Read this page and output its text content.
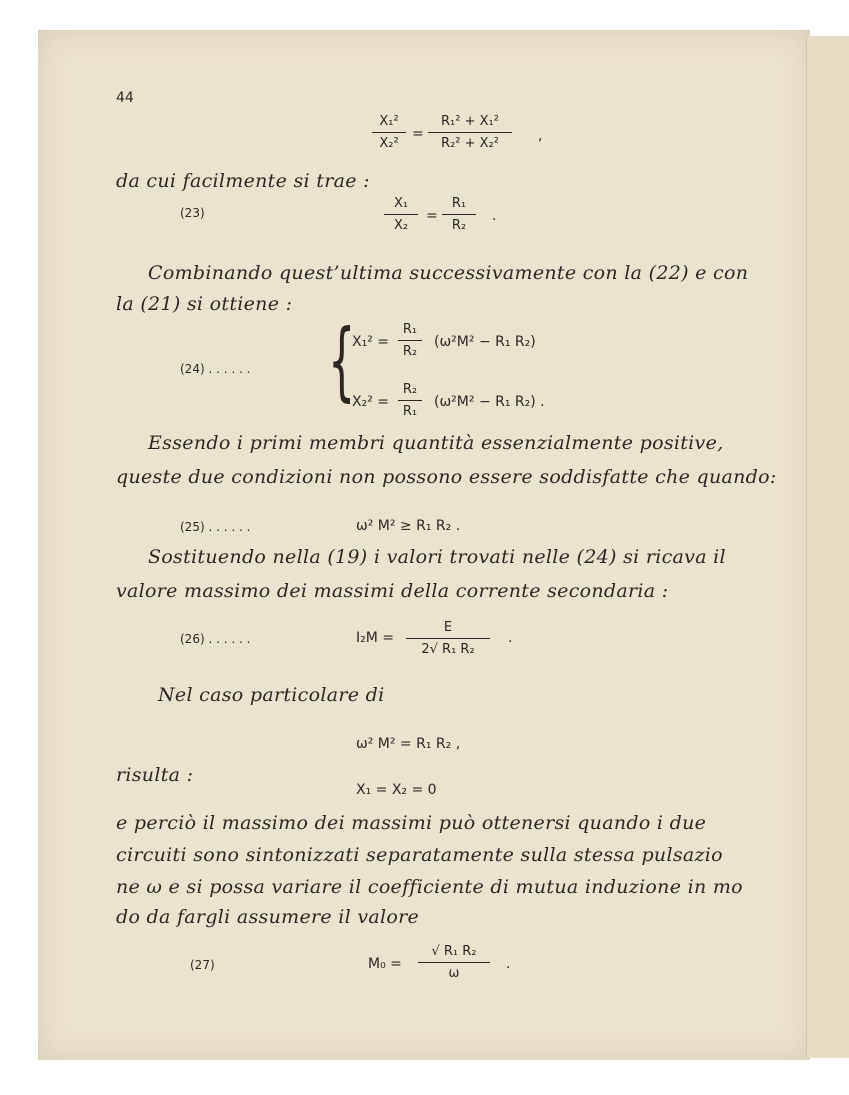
44
X₁²
X₂²
=
R₁² + X₁²
R₂² + X₂²	,
da cui facilmente si trae :
(23)
X₁
X₂
=
R₁
R₂
.
Combinando quest’ultima successivamente con la (22) e con
la (21) si ottiene :
(24) . . . . . . {
X₁² =
R₁
R₂
(ω²M² − R₁ R₂)
X₂² =
R₂
R₁
(ω²M² − R₁ R₂) .
Essendo i primi membri quantità essenzialmente positive,
queste due condizioni non possono essere soddisfatte che quando:
(25) . . . . . .	ω² M² ≥ R₁ R₂ .
Sostituendo nella (19) i valori trovati nelle (24) si ricava il
valore massimo dei massimi della corrente secondaria :
(26) . . . . . .	I₂M =
E
2√ R₁ R₂
.
Nel caso particolare di
ω² M² = R₁ R₂ ,
risulta :
X₁ = X₂ = 0
e perciò il massimo dei massimi può ottenersi quando i due
circuiti sono sintonizzati separatamente sulla stessa pulsazio
ne ω e si possa variare il coefficiente di mutua induzione in mo
do da fargli assumere il valore
(27)	M₀ =
√ R₁ R₂
ω
.
